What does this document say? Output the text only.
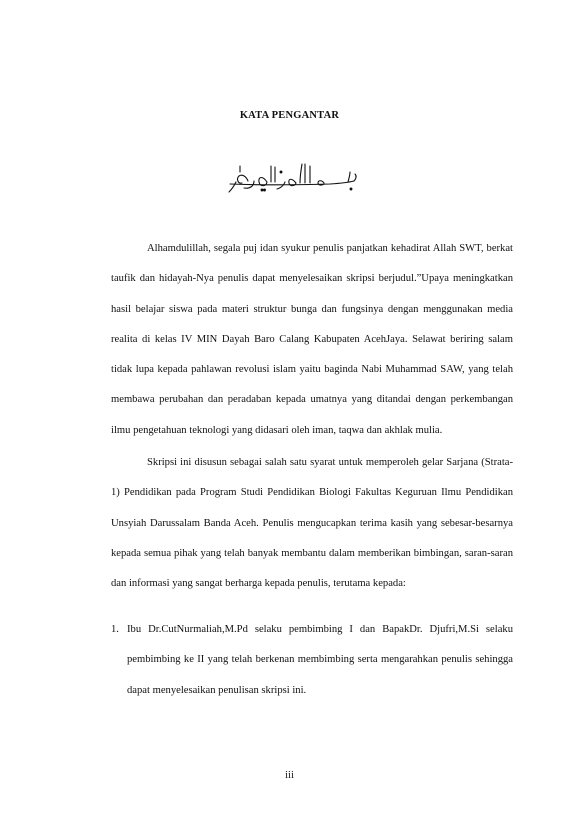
KATA PENGANTAR

Alhamdulillah, segala puj idan syukur penulis panjatkan kehadirat Allah SWT, berkat taufik dan hidayah-Nya penulis dapat menyelesaikan skripsi berjudul.”Upaya meningkatkan hasil belajar siswa pada materi struktur bunga dan fungsinya dengan menggunakan media realita di kelas IV MIN Dayah Baro Calang Kabupaten AcehJaya. Selawat beriring salam tidak lupa kepada pahlawan revolusi islam yaitu baginda Nabi Muhammad SAW, yang telah membawa perubahan dan peradaban kepada umatnya yang ditandai dengan perkembangan ilmu pengetahuan teknologi yang didasari oleh iman, taqwa dan akhlak mulia.

Skripsi ini disusun sebagai salah satu syarat untuk memperoleh gelar Sarjana (Strata-1) Pendidikan pada Program Studi Pendidikan Biologi Fakultas Keguruan Ilmu Pendidikan Unsyiah Darussalam Banda Aceh. Penulis mengucapkan terima kasih yang sebesar-besarnya kepada semua pihak yang telah banyak membantu dalam memberikan bimbingan, saran-saran dan informasi yang sangat berharga kepada penulis, terutama kepada:

1. Ibu Dr.CutNurmaliah,M.Pd selaku pembimbing I dan BapakDr. Djufri,M.Si selaku pembimbing ke II yang telah berkenan membimbing serta mengarahkan penulis sehingga dapat menyelesaikan penulisan skripsi ini.
iii
